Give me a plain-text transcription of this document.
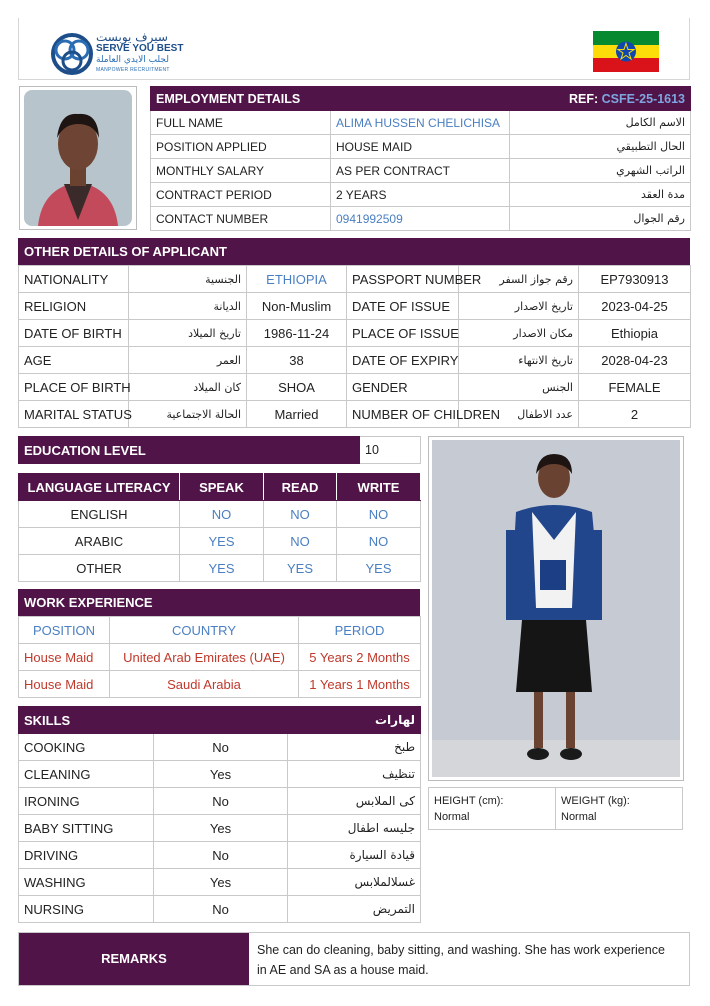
سيرف يوبست
SERVE YOU BEST
لجلب الايدي العاملة
MANPOWER RECRUITMENT
EMPLOYMENT DETAILS	REF: CSFE-25-1613	
FULL NAME	ALIMA HUSSEN CHELICHISA	الاسم الكامل
POSITION APPLIED	HOUSE MAID	الحال التطبيقي
MONTHLY SALARY	AS PER CONTRACT	الراتب الشهري
CONTRACT PERIOD	2 YEARS	مدة العقد
CONTACT NUMBER	0941992509	رقم الجوال
OTHER DETAILS OF APPLICANT
NATIONALITY	الجنسية	ETHIOPIA	PASSPORT NUMBER	رقم جواز السفر	EP7930913
RELIGION	الديانة	Non-Muslim	DATE OF ISSUE	تاريخ الاصدار	2023-04-25
DATE OF BIRTH	تاريخ الميلاد	1986-11-24	PLACE OF ISSUE	مكان الاصدار	Ethiopia
AGE	العمر	38	DATE OF EXPIRY	تاريخ الانتهاء	2028-04-23
PLACE OF BIRTH	كان الميلاد	SHOA	GENDER	الجنس	FEMALE
MARITAL STATUS	الحالة الاجتماعية	Married	NUMBER OF CHILDREN	عدد الاطفال	2
EDUCATION LEVEL	10
LANGUAGE LITERACY	SPEAK	READ	WRITE
ENGLISH	NO	NO	NO
ARABIC	YES	NO	NO
OTHER	YES	YES	YES
WORK EXPERIENCE
POSITION	COUNTRY	PERIOD
House Maid	United Arab Emirates (UAE)	5 Years 2 Months
House Maid	Saudi Arabia	1 Years 1 Months
SKILLS		لهارات
COOKING	No	طبخ
CLEANING	Yes	تنظيف
IRONING	No	كى الملابس
BABY SITTING	Yes	جليسه اطفال
DRIVING	No	قيادة السيارة
WASHING	Yes	غسلالملابس
NURSING	No	التمريض
HEIGHT (cm):
Normal

WEIGHT (kg):
Normal
REMARKS
She can do cleaning, baby sitting, and washing. She has work experience in AE and SA as a house maid.
